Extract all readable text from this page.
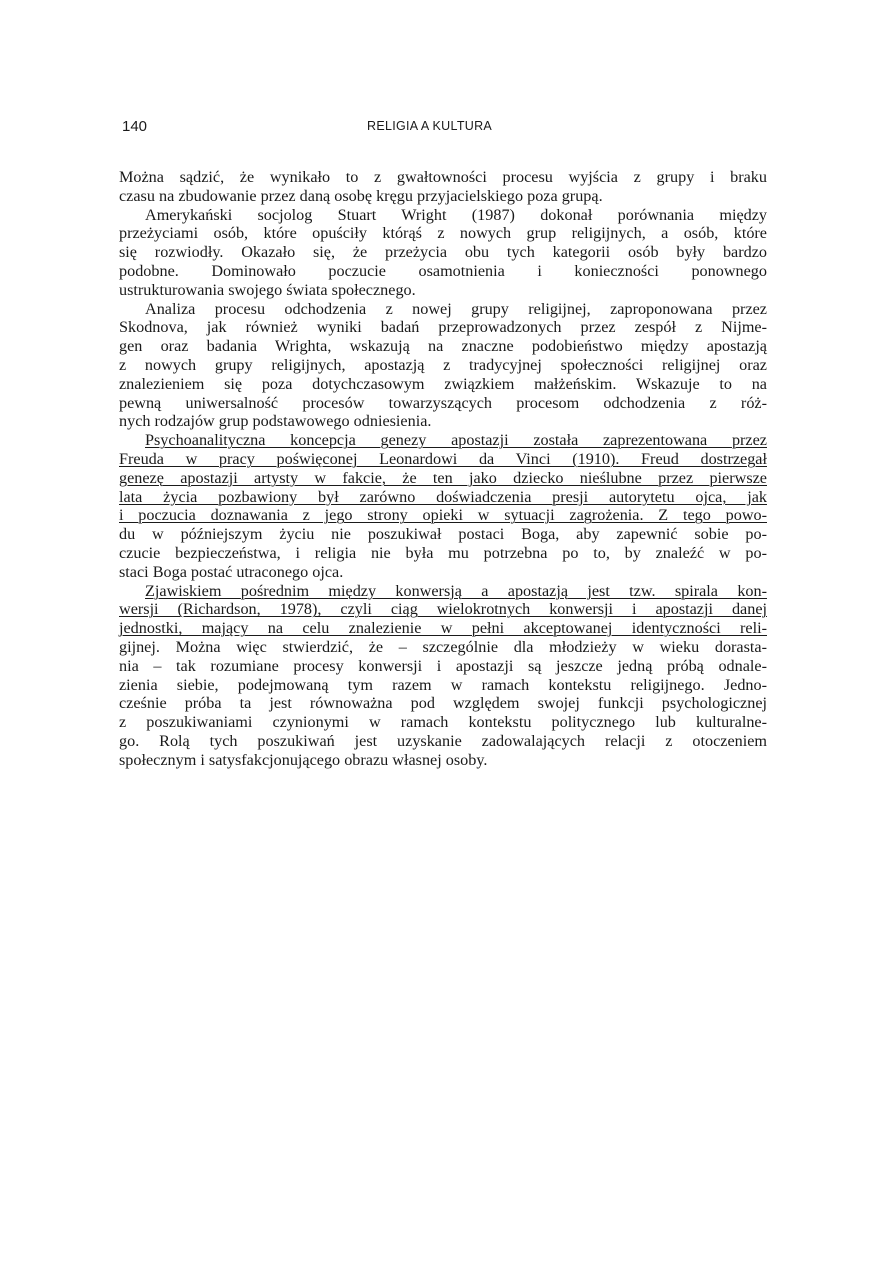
140	RELIGIA A KULTURA
Można sądzić, że wynikało to z gwałtowności procesu wyjścia z grupy i braku
czasu na zbudowanie przez daną osobę kręgu przyjacielskiego poza grupą.
Amerykański socjolog Stuart Wright (1987) dokonał porównania między
przeżyciami osób, które opuściły którąś z nowych grup religijnych, a osób, które
się rozwiodły. Okazało się, że przeżycia obu tych kategorii osób były bardzo
podobne. Dominowało poczucie osamotnienia i konieczności ponownego
ustrukturowania swojego świata społecznego.
Analiza procesu odchodzenia z nowej grupy religijnej, zaproponowana przez
Skodnova, jak również wyniki badań przeprowadzonych przez zespół z Nijme-
gen oraz badania Wrighta, wskazują na znaczne podobieństwo między apostazją
z nowych grupy religijnych, apostazją z tradycyjnej społeczności religijnej oraz
znalezieniem się poza dotychczasowym związkiem małżeńskim. Wskazuje to na
pewną uniwersalność procesów towarzyszących procesom odchodzenia z róż-
nych rodzajów grup podstawowego odniesienia.
Psychoanalityczna koncepcja genezy apostazji została zaprezentowana przez
Freuda w pracy poświęconej Leonardowi da Vinci (1910). Freud dostrzegał
genezę apostazji artysty w fakcie, że ten jako dziecko nieślubne przez pierwsze
lata życia pozbawiony był zarówno doświadczenia presji autorytetu ojca, jak
i poczucia doznawania z jego strony opieki w sytuacji zagrożenia. Z tego powo-
du w późniejszym życiu nie poszukiwał postaci Boga, aby zapewnić sobie po-
czucie bezpieczeństwa, i religia nie była mu potrzebna po to, by znaleźć w po-
staci Boga postać utraconego ojca.
Zjawiskiem pośrednim między konwersją a apostazją jest tzw. spirala kon-
wersji (Richardson, 1978), czyli ciąg wielokrotnych konwersji i apostazji danej
jednostki, mający na celu znalezienie w pełni akceptowanej identyczności reli-
gijnej. Można więc stwierdzić, że – szczególnie dla młodzieży w wieku dorasta-
nia – tak rozumiane procesy konwersji i apostazji są jeszcze jedną próbą odnale-
zienia siebie, podejmowaną tym razem w ramach kontekstu religijnego. Jedno-
cześnie próba ta jest równoważna pod względem swojej funkcji psychologicznej
z poszukiwaniami czynionymi w ramach kontekstu politycznego lub kulturalne-
go. Rolą tych poszukiwań jest uzyskanie zadowalających relacji z otoczeniem
społecznym i satysfakcjonującego obrazu własnej osoby.
